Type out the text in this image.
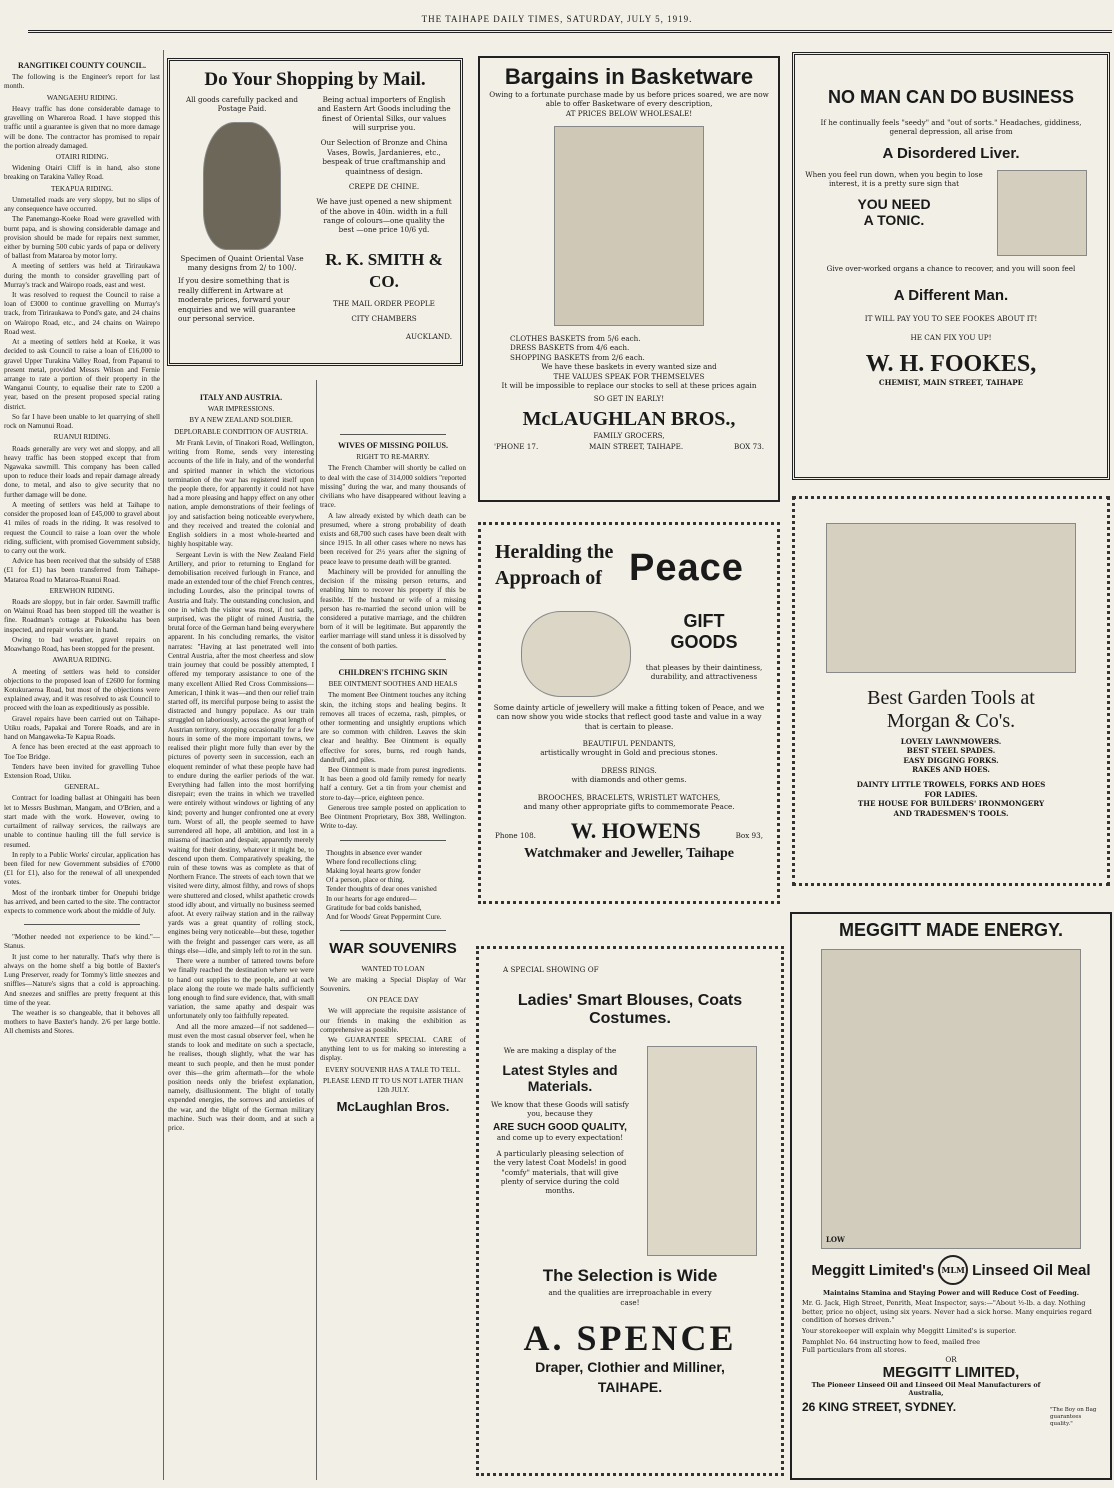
THE TAIHAPE DAILY TIMES, SATURDAY, JULY 5, 1919.
RANGITIKEI COUNTY COUNCIL.

The following is the Engineer's report for last month.

WANGAEHU RIDING.

Heavy traffic has done considerable damage to gravelling on Whareroa Road. I have stopped this traffic until a guarantee is given that no more damage will be done. The contractor has promised to repair the portion already damaged.

OTAIRI RIDING.

Widening Otairi Cliff is in hand, also stone breaking on Tarakina Valley Road.

TEKAPUA RIDING.

Unmetalled roads are very sloppy, but no slips of any consequence have occurred.

The Panemango-Koeke Road were gravelled with burnt papa, and is showing considerable damage and provision should be made for repairs next summer, either by burning 500 cubic yards of papa or delivery of ballast from Mataroa by motor lorry.

A meeting of settlers was held at Tiriraukawa during the month to consider gravelling part of Murray's track and Wairopo roads, east and west.

It was resolved to request the Council to raise a loan of £3000 to continue gravelling on Murray's track, from Tiriraukawa to Pond's gate, and 24 chains on Wairopo Road, etc., and 24 chains on Wairepo Road west.

At a meeting of settlers held at Koeke, it was decided to ask Council to raise a loan of £16,000 to gravel Upper Turakina Valley Road, from Papanui to present metal, provided Messrs Wilson and Fernie arrange to rate a portion of their property in the Wanganui County, to equalise their rate to £200 a year, based on the present proposed special rating district.

So far I have been unable to let quarrying of shell rock on Namunui Road.

RUANUI RIDING.

Roads generally are very wet and sloppy, and all heavy traffic has been stopped except that from Ngawaka sawmill. This company has been called upon to reduce their loads and repair damage already done, to metal, and also to give security that no further damage will be done.

A meeting of settlers was held at Taihape to consider the proposed loan of £45,000 to gravel about 41 miles of roads in the riding. It was resolved to request the Council to raise a loan over the whole riding, sufficient, with promised Government subsidy, to carry out the work.

Advice has been received that the subsidy of £588 (£1 for £1) has been transferred from Taihape-Mataroa Road to Mataroa-Ruanui Road.

EREWHON RIDING.

Roads are sloppy, but in fair order. Sawmill traffic on Wainui Road has been stopped till the weather is fine. Roadman's cottage at Pukeokahu has been inspected, and repair works are in hand.

Owing to bad weather, gravel repairs on Moawhango Road, has been stopped for the present.

AWARUA RIDING.

A meeting of settlers was held to consider objections to the proposed loan of £2600 for forming Kotukuraeroa Road, but most of the objections were explained away, and it was resolved to ask Council to proceed with the loan as expeditiously as possible.

Gravel repairs have been carried out on Taihape-Utiku roads, Papakai and Torere Roads, and are in hand on Mangaweka-Te Kapua Roads.

A fence has been erected at the east approach to Toe Toe Bridge.

Tenders have been invited for gravelling Tuhoe Extension Road, Utiku.

GENERAL.

Contract for loading ballast at Ohingaiti has been let to Messrs Bushman, Mangam, and O'Brien, and a start made with the work. However, owing to curtailment of railway services, the railways are unable to continue hauling till the full service is resumed.

In reply to a Public Works' circular, application has been filed for new Government subsidies of £7000 (£1 for £1), also for the renewal of all unexpended votes.

Most of the ironbark timber for Onepuhi bridge has arrived, and been carted to the site. The contractor expects to commence work about the middle of July.

"Mother needed not experience to be kind."—Stanus.

It just come to her naturally. That's why there is always on the home shelf a big bottle of Baxter's Lung Preserver, ready for Tommy's little sneezes and sniffles—Nature's signs that a cold is approaching. And sneezes and sniffles are pretty frequent at this time of the year.

The weather is so changeable, that it behoves all mothers to have Baxter's handy. 2/6 per large bottle. All chemists and Stores.

Do Your Shopping by Mail.
All goods carefully packed and Postage Paid.
Specimen of Quaint Oriental Vase many designs from 2/ to 100/.
If you desire something that is really different in Artware at moderate prices, forward your enquiries and we will guarantee our personal service.
Being actual importers of English and Eastern Art Goods including the finest of Oriental Silks, our values will surprise you.
Our Selection of Bronze and China Vases, Bowls, Jardanieres, etc., bespeak of true craftmanship and quaintness of design.
CREPE DE CHINE.
We have just opened a new shipment of the above in 40in. width in a full range of colours—one quality the best —one price 10/6 yd.
R. K. SMITH & CO.
THE MAIL ORDER PEOPLE
CITY CHAMBERS
AUCKLAND.
ITALY AND AUSTRIA.
WAR IMPRESSIONS.
BY A NEW ZEALAND SOLDIER.
DEPLORABLE CONDITION OF AUSTRIA.

Mr Frank Levin, of Tinakori Road, Wellington, writing from Rome, sends very interesting accounts of the life in Italy, and of the wonderful and spirited manner in which the victorious termination of the war has registered itself upon the people there, for apparently it could not have had a more pleasing and happy effect on any other nation, ample demonstrations of their feelings of joy and satisfaction being noticeable everywhere, and they received and treated the colonial and English soldiers in a most whole-hearted and highly hospitable way.

Sergeant Levin is with the New Zealand Field Artillery, and prior to returning to England for demobilisation received furlough in France, and made an extended tour of the chief French centres, including Lourdes, also the principal towns of Austria and Italy. The outstanding conclusion, and one in which the visitor was most, if not sadly, surprised, was the plight of ruined Austria, the brutal force of the German hand being everywhere apparent. In his concluding remarks, the visitor narrates: "Having at last penetrated well into Central Austria, after the most cheerless and slow train journey that could be possibly attempted, I offered my temporary assistance to one of the many excellent Allied Red Cross Commissions—American, I think it was—and then our relief train started off, its merciful purpose being to assist the distracted and hungry populace. As our train struggled on laboriously, across the great length of Austrian territory, stopping occasionally for a few hours in some of the more important towns, we realised their plight more fully than ever by the pictures of poverty seen in succession, each an eloquent reminder of what these people have had to endure during the earlier periods of the war. Everything had fallen into the most horrifying disrepair; even the trains in which we travelled were entirely without windows or lighting of any kind; poverty and hunger confronted one at every turn. Worst of all, the people seemed to have surrendered all hope, all ambition, and lost in a miasma of inaction and despair, apparently merely waiting for their destiny, whatever it might be, to descend upon them. Comparatively speaking, the ruin of these towns was as complete as that of Northern France. The streets of each town that we visited were dirty, almost filthy, and rows of shops were shuttered and closed, whilst apathetic crowds stood idly about, and virtually no business seemed afoot. At every railway station and in the railway yards was a great quantity of rolling stock, engines being very noticeable—but these, together with the freight and passenger cars were, as all things else—idle, and simply left to rot in the sun.

There were a number of tattered towns before we finally reached the destination where we were to hand out supplies to the people, and at each place along the route we made halts sufficiently long enough to find sure evidence, that, with small variation, the same apathy and despair was unfortunately only too faithfully repeated.

And all the more amazed—if not saddened—must even the most casual observer feel, when he stands to look and meditate on such a spectacle, he realises, though slightly, what the war has meant to such people, and then he must ponder over this—the grim aftermath—for the whole position needs only the briefest explanation, namely, disillusionment. The blight of totally expended energies, the sorrows and anxieties of the war, and the blight of the German military machine. Such was their doom, and at such a price.

WIVES OF MISSING POILUS.
RIGHT TO RE-MARRY.

The French Chamber will shortly be called on to deal with the case of 314,000 soldiers "reported missing" during the war, and many thousands of civilians who have disappeared without leaving a trace.

A law already existed by which death can be presumed, where a strong probability of death exists and 68,700 such cases have been dealt with since 1915. In all other cases where no news has been received for 2½ years after the signing of peace leave to presume death will be granted.

Machinery will be provided for annulling the decision if the missing person returns, and enabling him to recover his property if this be feasible. If the husband or wife of a missing person has re-married the second union will be considered a putative marriage, and the children born of it will be legitimate. But apparently the earlier marriage will stand unless it is dissolved by the consent of both parties.

CHILDREN'S ITCHING SKIN
BEE OINTMENT SOOTHES AND HEALS

The moment Bee Ointment touches any itching skin, the itching stops and healing begins. It removes all traces of eczema, rash, pimples, or other tormenting and unsightly eruptions which are so common with children. Leaves the skin clear and healthy. Bee Ointment is equally effective for sores, burns, red rough hands, dandruff, and piles.

Bee Ointment is made from purest ingredients. It has been a good old family remedy for nearly half a century. Get a tin from your chemist and store to-day—price, eighteen pence.

Generous tree sample posted on application to Bee Ointment Proprietary, Box 388, Wellington. Write to-day.

Thoughts in absence ever wander
Where fond recollections cling;
Making loyal hearts grow fonder
Of a person, place or thing.
Tender thoughts of dear ones vanished
In our hearts for age endured—
Gratitude for bad colds banished,
And for Woods' Great Peppermint Cure.
WAR SOUVENIRS
WANTED TO LOAN

We are making a Special Display of War Souvenirs.

ON PEACE DAY

We will appreciate the requisite assistance of our friends in making the exhibition as comprehensive as possible.

We GUARANTEE SPECIAL CARE of anything lent to us for making so interesting a display.

EVERY SOUVENIR HAS A TALE TO TELL.
PLEASE LEND IT TO US NOT LATER THAN 12th JULY.
McLaughlan Bros.
Bargains in Basketware
Owing to a fortunate purchase made by us before prices soared, we are now able to offer Basketware of every description,
AT PRICES BELOW WHOLESALE!
CLOTHES BASKETS from 5/6 each.
DRESS BASKETS from 4/6 each.
SHOPPING BASKETS from 2/6 each.
We have these baskets in every wanted size and
THE VALUES SPEAK FOR THEMSELVES
It will be impossible to replace our stocks to sell at these prices again
SO GET IN EARLY!
McLAUGHLAN BROS.,
FAMILY GROCERS,
'PHONE 17.	MAIN STREET, TAIHAPE.	BOX 73.
Heralding the
Approach of Peace
GIFT
GOODS
that pleases by their daintiness, durability, and attractiveness
Some dainty article of jewellery will make a fitting token of Peace, and we can now show you wide stocks that reflect good taste and value in a way that is certain to please.
BEAUTIFUL PENDANTS,
artistically wrought in Gold and precious stones.
DRESS RINGS.
with diamonds and other gems.
BROOCHES, BRACELETS, WRISTLET WATCHES,
and many other appropriate gifts to commemorate Peace.
Phone 108. W. HOWENS	Box 93,
Watchmaker and Jeweller, Taihape
A SPECIAL SHOWING OF
Ladies' Smart Blouses, Coats
Costumes.
We are making a display of the
Latest Styles and
Materials.
We know that these Goods will satisfy you, because they
ARE SUCH GOOD QUALITY,
and come up to every expectation!
A particularly pleasing selection of the very latest Coat Models! in good "comfy" materials, that will give plenty of service during the cold months.
The Selection is Wide
and the qualities are irreproachable in every case!
A. SPENCE
Draper, Clothier and Milliner,
TAIHAPE.
NO MAN CAN DO BUSINESS
If he continually feels "seedy" and "out of sorts." Headaches, giddiness, general depression, all arise from
A Disordered Liver.
When you feel run down, when you begin to lose interest, it is a pretty sure sign that
YOU NEED
A TONIC.
Give over-worked organs a chance to recover, and you will soon feel
A Different Man.
IT WILL PAY YOU TO SEE FOOKES ABOUT IT!
HE CAN FIX YOU UP!
W. H. FOOKES,
CHEMIST, MAIN STREET, TAIHAPE
Best Garden Tools at
Morgan & Co's.
LOVELY LAWNMOWERS.
BEST STEEL SPADES.
EASY DIGGING FORKS.
RAKES AND HOES.
DAINTY LITTLE TROWELS, FORKS AND HOES
FOR LADIES.
THE HOUSE FOR BUILDERS' IRONMONGERY
AND TRADESMEN'S TOOLS.
MEGGITT MADE ENERGY.
LOW
Meggitt Limited's MLM Linseed Oil Meal
Maintains Stamina and Staying Power and will Reduce Cost of Feeding.
Mr. G. Jack, High Street, Penrith, Meat Inspector, says:—"About ½-lb. a day. Nothing better, price no object, using six years. Never had a sick horse. Many enquiries regard condition of horses driven."
Your storekeeper will explain why Meggitt Limited's is superior.
Pamphlet No. 64 instructing how to feed, mailed free
Full particulars from all stores.
OR
MEGGITT LIMITED,
The Pioneer Linseed Oil and Linseed Oil Meal Manufacturers of Australia,
26 KING STREET, SYDNEY.	"The Boy on Bag guarantees quality."
